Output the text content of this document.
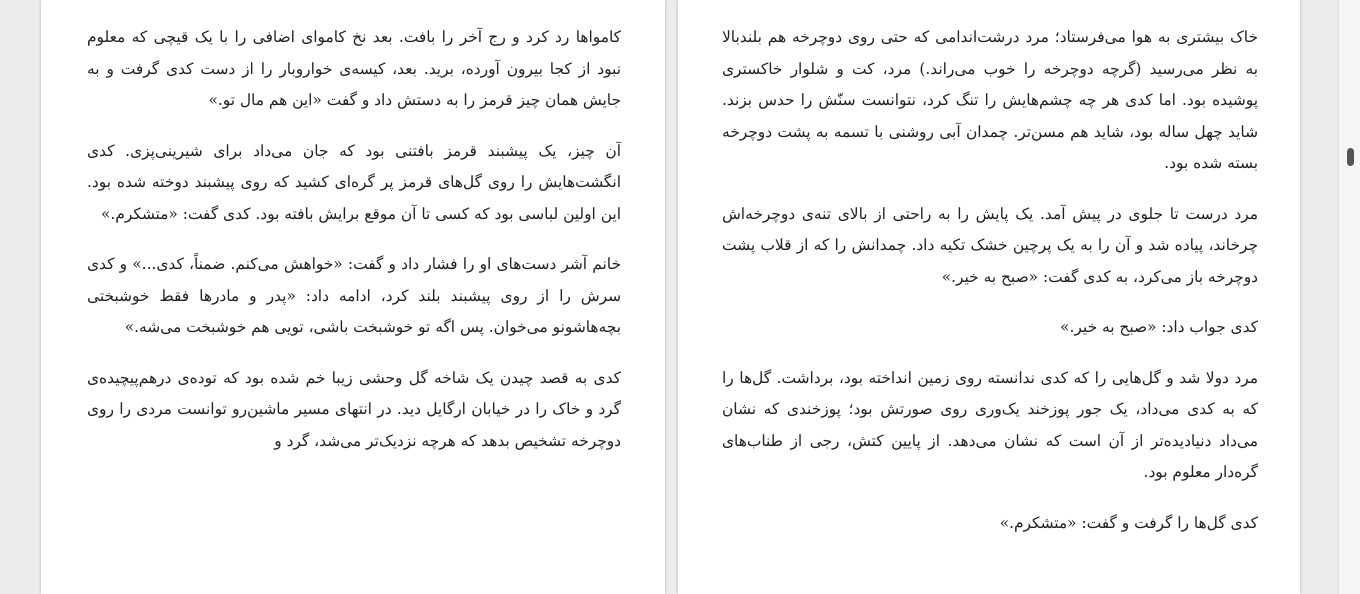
کامواها رد کرد و رج آخر را بافت. بعد نخ کاموای اضافی را با یک قیچی که معلوم نبود از کجا بیرون آورده، برید. بعد، کیسه‌ی خوارو‌بار را از دست کدی گرفت و به جایش همان چیز قرمز را به دستش داد و گفت «این هم مال تو.»

آن چیز، یک پیشبند قرمز بافتنی بود که جان می‌داد برای شیرینی‌پزی. کدی انگشت‌هایش را روی گل‌های قرمز پر گره‌ای کشید که روی پیشبند دوخته شده بود. این اولین لباسی بود که کسی تا آن موقع برایش بافته بود. کدی گفت: «متشکرم.»

خانم آشر دست‌های او را فشار داد و گفت: «خواهش می‌کنم. ضمناً، کدی...» و کدی سرش را از روی پیشبند بلند کرد، ادامه داد: «پدر و مادرها فقط خوشبختی بچه‌هاشونو می‌خوان. پس اگه تو خوشبخت باشی، تویی هم خوشبخت می‌شه.»

کدی به قصد چیدن یک شاخه گل وحشی زیبا خم شده بود که توده‌ی درهم‌پیچیده‌ی گرد و خاک را در خیابان ارگایل دید. در انتهای مسیر ماشین‌رو توانست مردی را روی دوچرخه تشخیص بدهد که هرچه نزدیک‌تر می‌شد، گرد و

خاک بیشتری به هوا می‌فرستاد؛ مرد درشت‌اندامی که حتی روی دوچرخه هم بلندبالا به نظر می‌رسید (گرچه دوچرخه را خوب می‌راند.) مرد، کت و شلوار خاکستری پوشیده بود. اما کدی هر چه چشم‌هایش را تنگ کرد، نتوانست سنّش را حدس بزند. شاید چهل ساله بود، شاید هم مسن‌تر. چمدان آبی روشنی با تسمه به پشت دوچرخه بسته شده بود.

مرد درست تا جلوی در پیش آمد. یک پایش را به راحتی از بالای تنه‌ی دوچرخه‌اش چرخاند، پیاده شد و آن را به یک پرچین خشک تکیه داد. چمدانش را که از قلاب پشت دوچرخه باز می‌کرد، به کدی گفت: «صبح به خیر.»

کدی جواب داد: «صبح به خیر.»

مرد دولا شد و گل‌هایی را که کدی ندانسته روی زمین انداخته بود، برداشت. گل‌ها را که به کدی می‌داد، یک جور پوزخند یک‌وری روی صورتش بود؛ پوزخندی که نشان می‌داد دنیادیده‌تر از آن است که نشان می‌دهد. از پایین کتش، رجی از طناب‌های گره‌دار معلوم بود.

کدی گل‌ها را گرفت و گفت: «متشکرم.»
